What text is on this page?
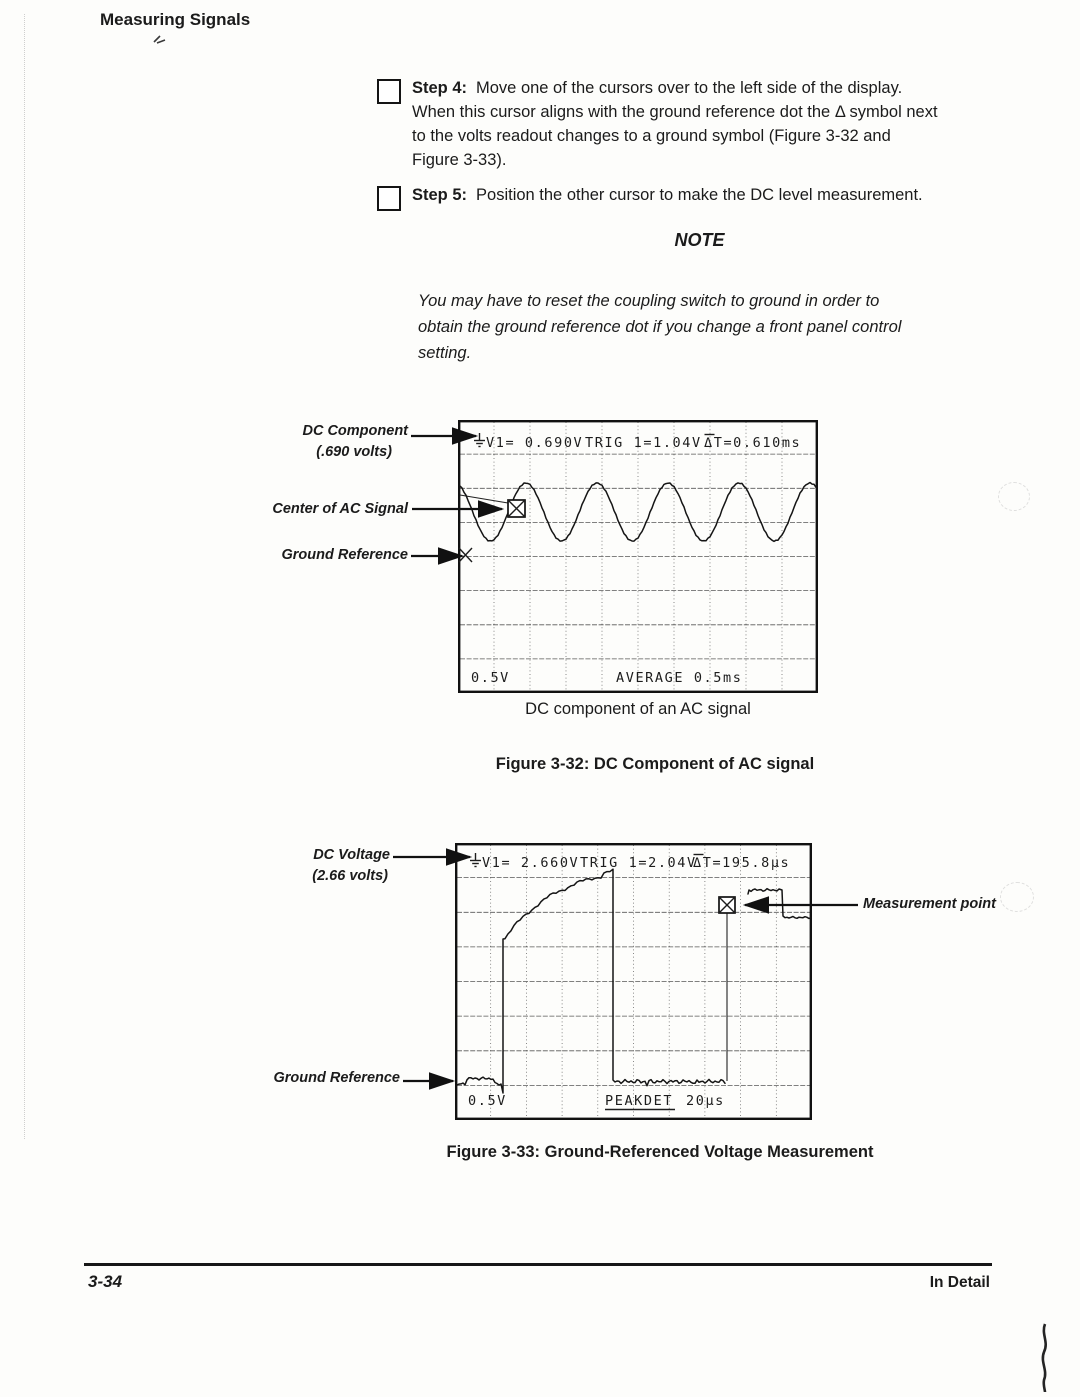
Measuring Signals
Step 4: Move one of the cursors over to the left side of the display.
When this cursor aligns with the ground reference dot the Δ symbol next
to the volts readout changes to a ground symbol (Figure 3-32 and
Figure 3-33).
Step 5: Position the other cursor to make the DC level measurement.
NOTE
You may have to reset the coupling switch to ground in order to
obtain the ground reference dot if you change a front panel control
setting.
DC Component
(.690 volts)
Center of AC Signal
Ground Reference
V1= 0.690V TRIG 1=1.04V ΔT=0.610ms
0.5V	AVERAGE 0.5ms
DC component of an AC signal
Figure 3-32: DC Component of AC signal
DC Voltage
(2.66 volts)
Ground Reference
Measurement point
V1= 2.660V TRIG 1=2.04V
ΔT=195.8μs
0.5V	PEAKDET 20μs
Figure 3-33: Ground-Referenced Voltage Measurement
3-34	In Detail
